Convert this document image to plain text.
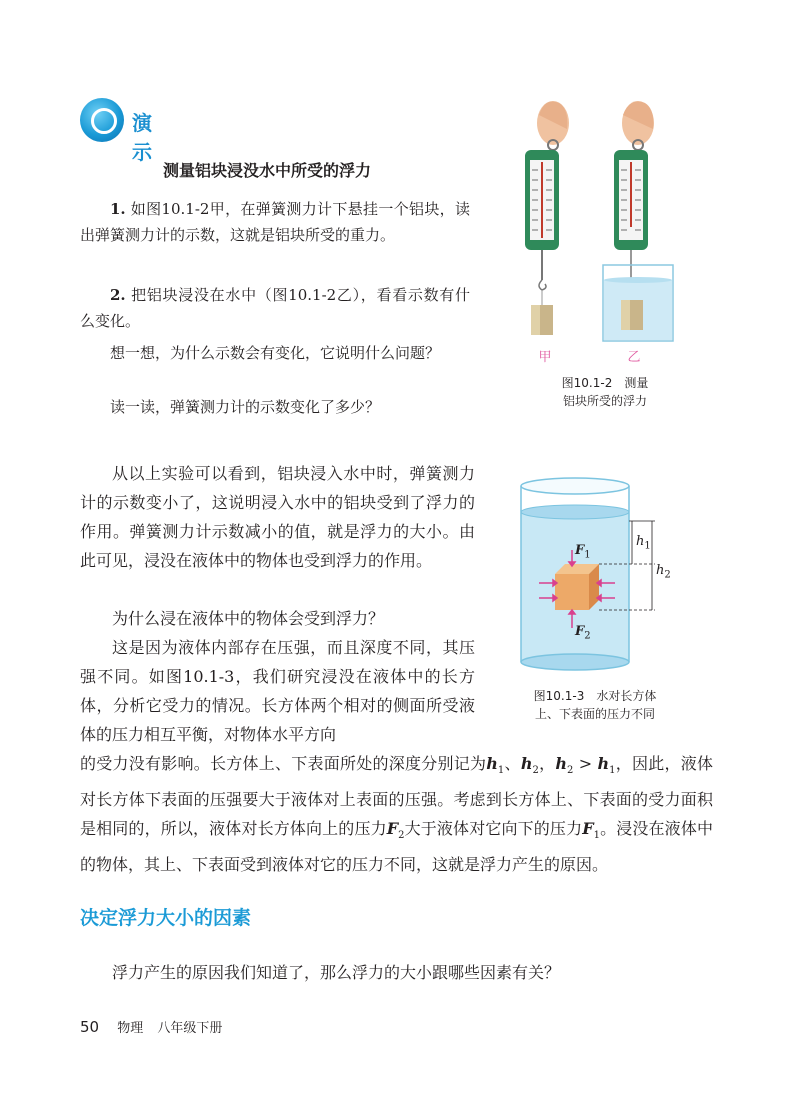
演 示
测量铝块浸没水中所受的浮力

1. 如图10.1-2甲，在弹簧测力计下悬挂一个铝块，读出弹簧测力计的示数，这就是铝块所受的重力。

2. 把铝块浸没在水中（图10.1-2乙），看看示数有什么变化。

想一想，为什么示数会有变化，它说明什么问题？

读一读，弹簧测力计的示数变化了多少？

甲	乙
图10.1-2　测量
铝块所受的浮力
$F_1$
$F_2$
$h_1$
$h_2$
图10.1-3　水对长方体
上、下表面的压力不同

从以上实验可以看到，铝块浸入水中时，弹簧测力计的示数变小了，这说明浸入水中的铝块受到了浮力的作用。弹簧测力计示数减小的值，就是浮力的大小。由此可见，浸没在液体中的物体也受到浮力的作用。

为什么浸在液体中的物体会受到浮力？

这是因为液体内部存在压强，而且深度不同，其压强不同。如图10.1-3，我们研究浸没在液体中的长方体，分析它受力的情况。长方体两个相对的侧面所受液体的压力相互平衡，对物体水平方向

的受力没有影响。长方体上、下表面所处的深度分别记为$h_1$、$h_2$，$h_2 > h_1$，因此，液体对长方体下表面的压强要大于液体对上表面的压强。考虑到长方体上、下表面的受力面积是相同的，所以，液体对长方体向上的压力$F_2$大于液体对它向下的压力$F_1$。浸没在液体中的物体，其上、下表面受到液体对它的压力不同，这就是浮力产生的原因。

决定浮力大小的因素

浮力产生的原因我们知道了，那么浮力的大小跟哪些因素有关？

50 物理 八年级下册
